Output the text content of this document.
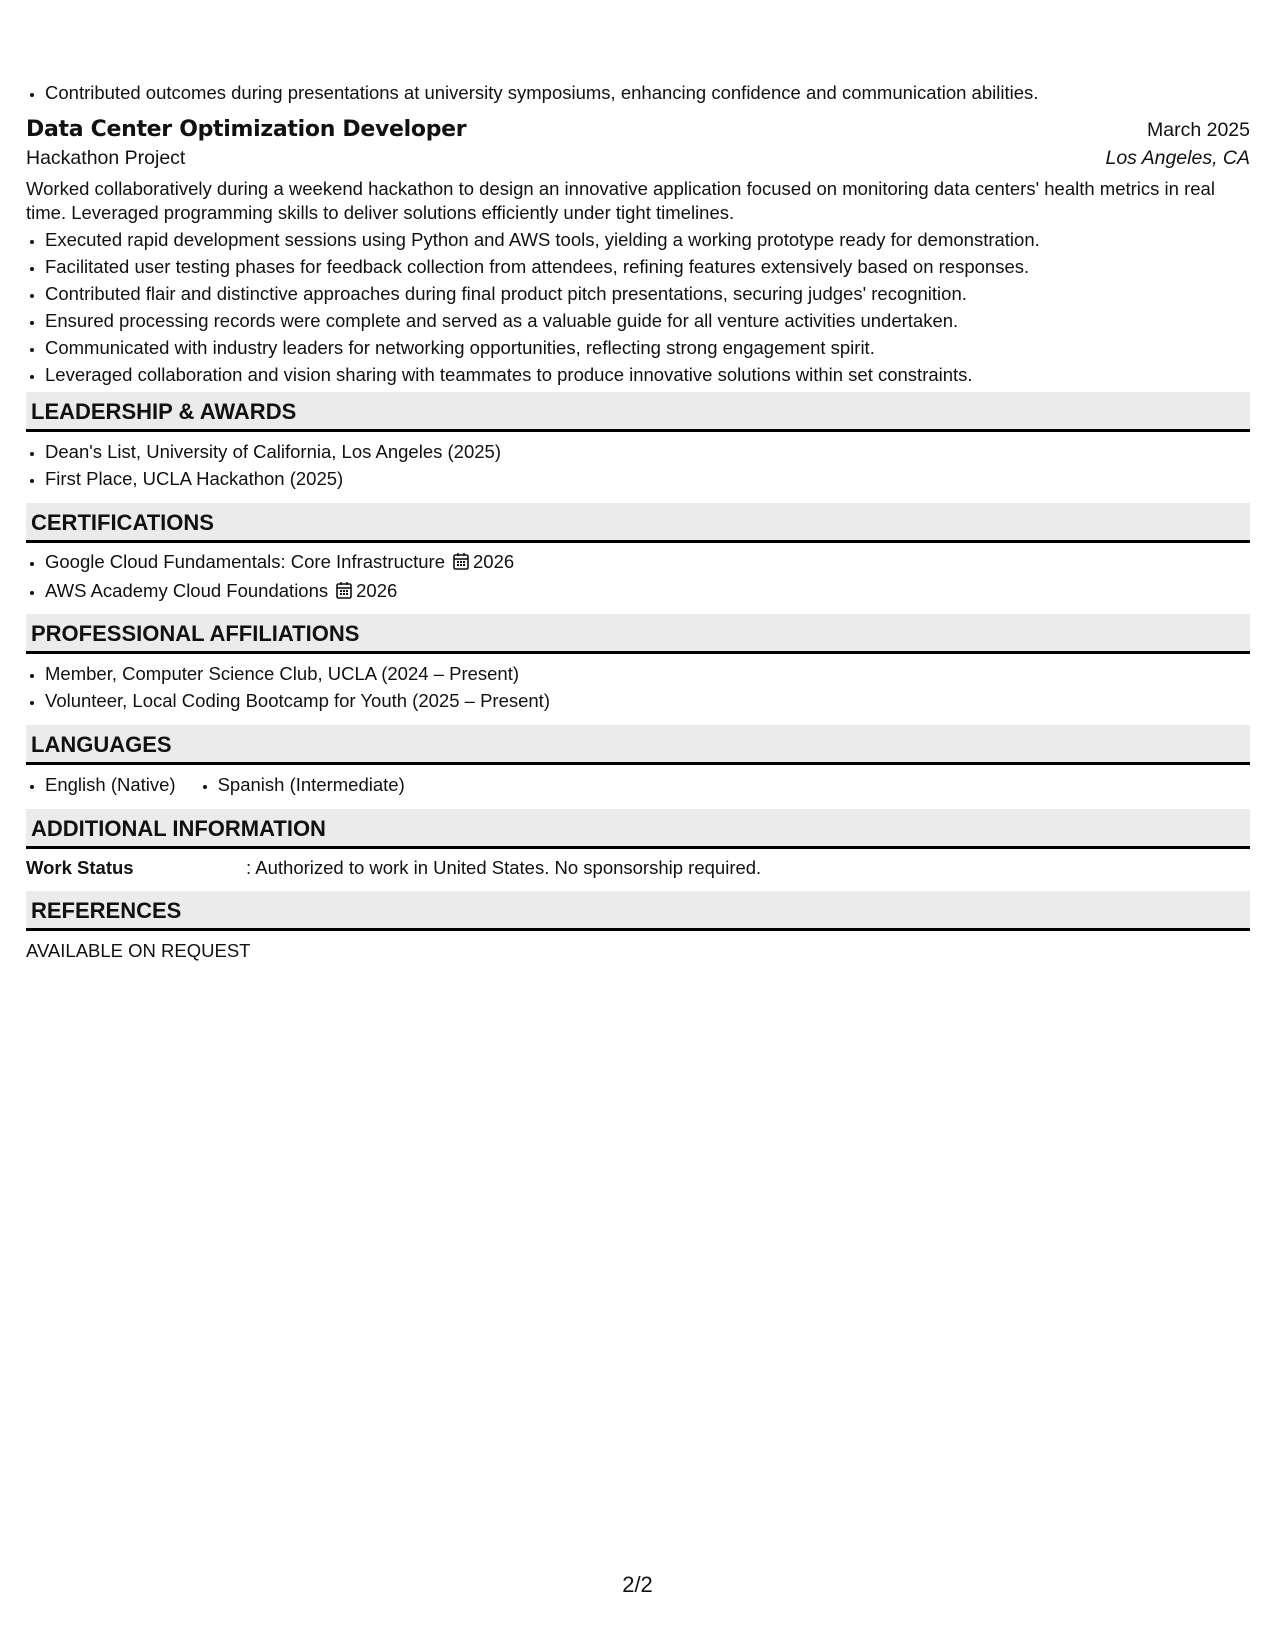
• Contributed outcomes during presentations at university symposiums, enhancing confidence and communication abilities.
Data Center Optimization Developer	March 2025
Hackathon Project	Los Angeles, CA
Worked collaboratively during a weekend hackathon to design an innovative application focused on monitoring data centers' health metrics in real time. Leveraged programming skills to deliver solutions efficiently under tight timelines.
• Executed rapid development sessions using Python and AWS tools, yielding a working prototype ready for demonstration.
• Facilitated user testing phases for feedback collection from attendees, refining features extensively based on responses.
• Contributed flair and distinctive approaches during final product pitch presentations, securing judges' recognition.
• Ensured processing records were complete and served as a valuable guide for all venture activities undertaken.
• Communicated with industry leaders for networking opportunities, reflecting strong engagement spirit.
• Leveraged collaboration and vision sharing with teammates to produce innovative solutions within set constraints.
LEADERSHIP & AWARDS
• Dean's List, University of California, Los Angeles (2025)
• First Place, UCLA Hackathon (2025)
CERTIFICATIONS
• Google Cloud Fundamentals: Core Infrastructure 2026
• AWS Academy Cloud Foundations 2026
PROFESSIONAL AFFILIATIONS
• Member, Computer Science Club, UCLA (2024 – Present)
• Volunteer, Local Coding Bootcamp for Youth (2025 – Present)
LANGUAGES
• English (Native)
• Spanish (Intermediate)
ADDITIONAL INFORMATION
Work Status	: Authorized to work in United States. No sponsorship required.
REFERENCES
AVAILABLE ON REQUEST
2/2
